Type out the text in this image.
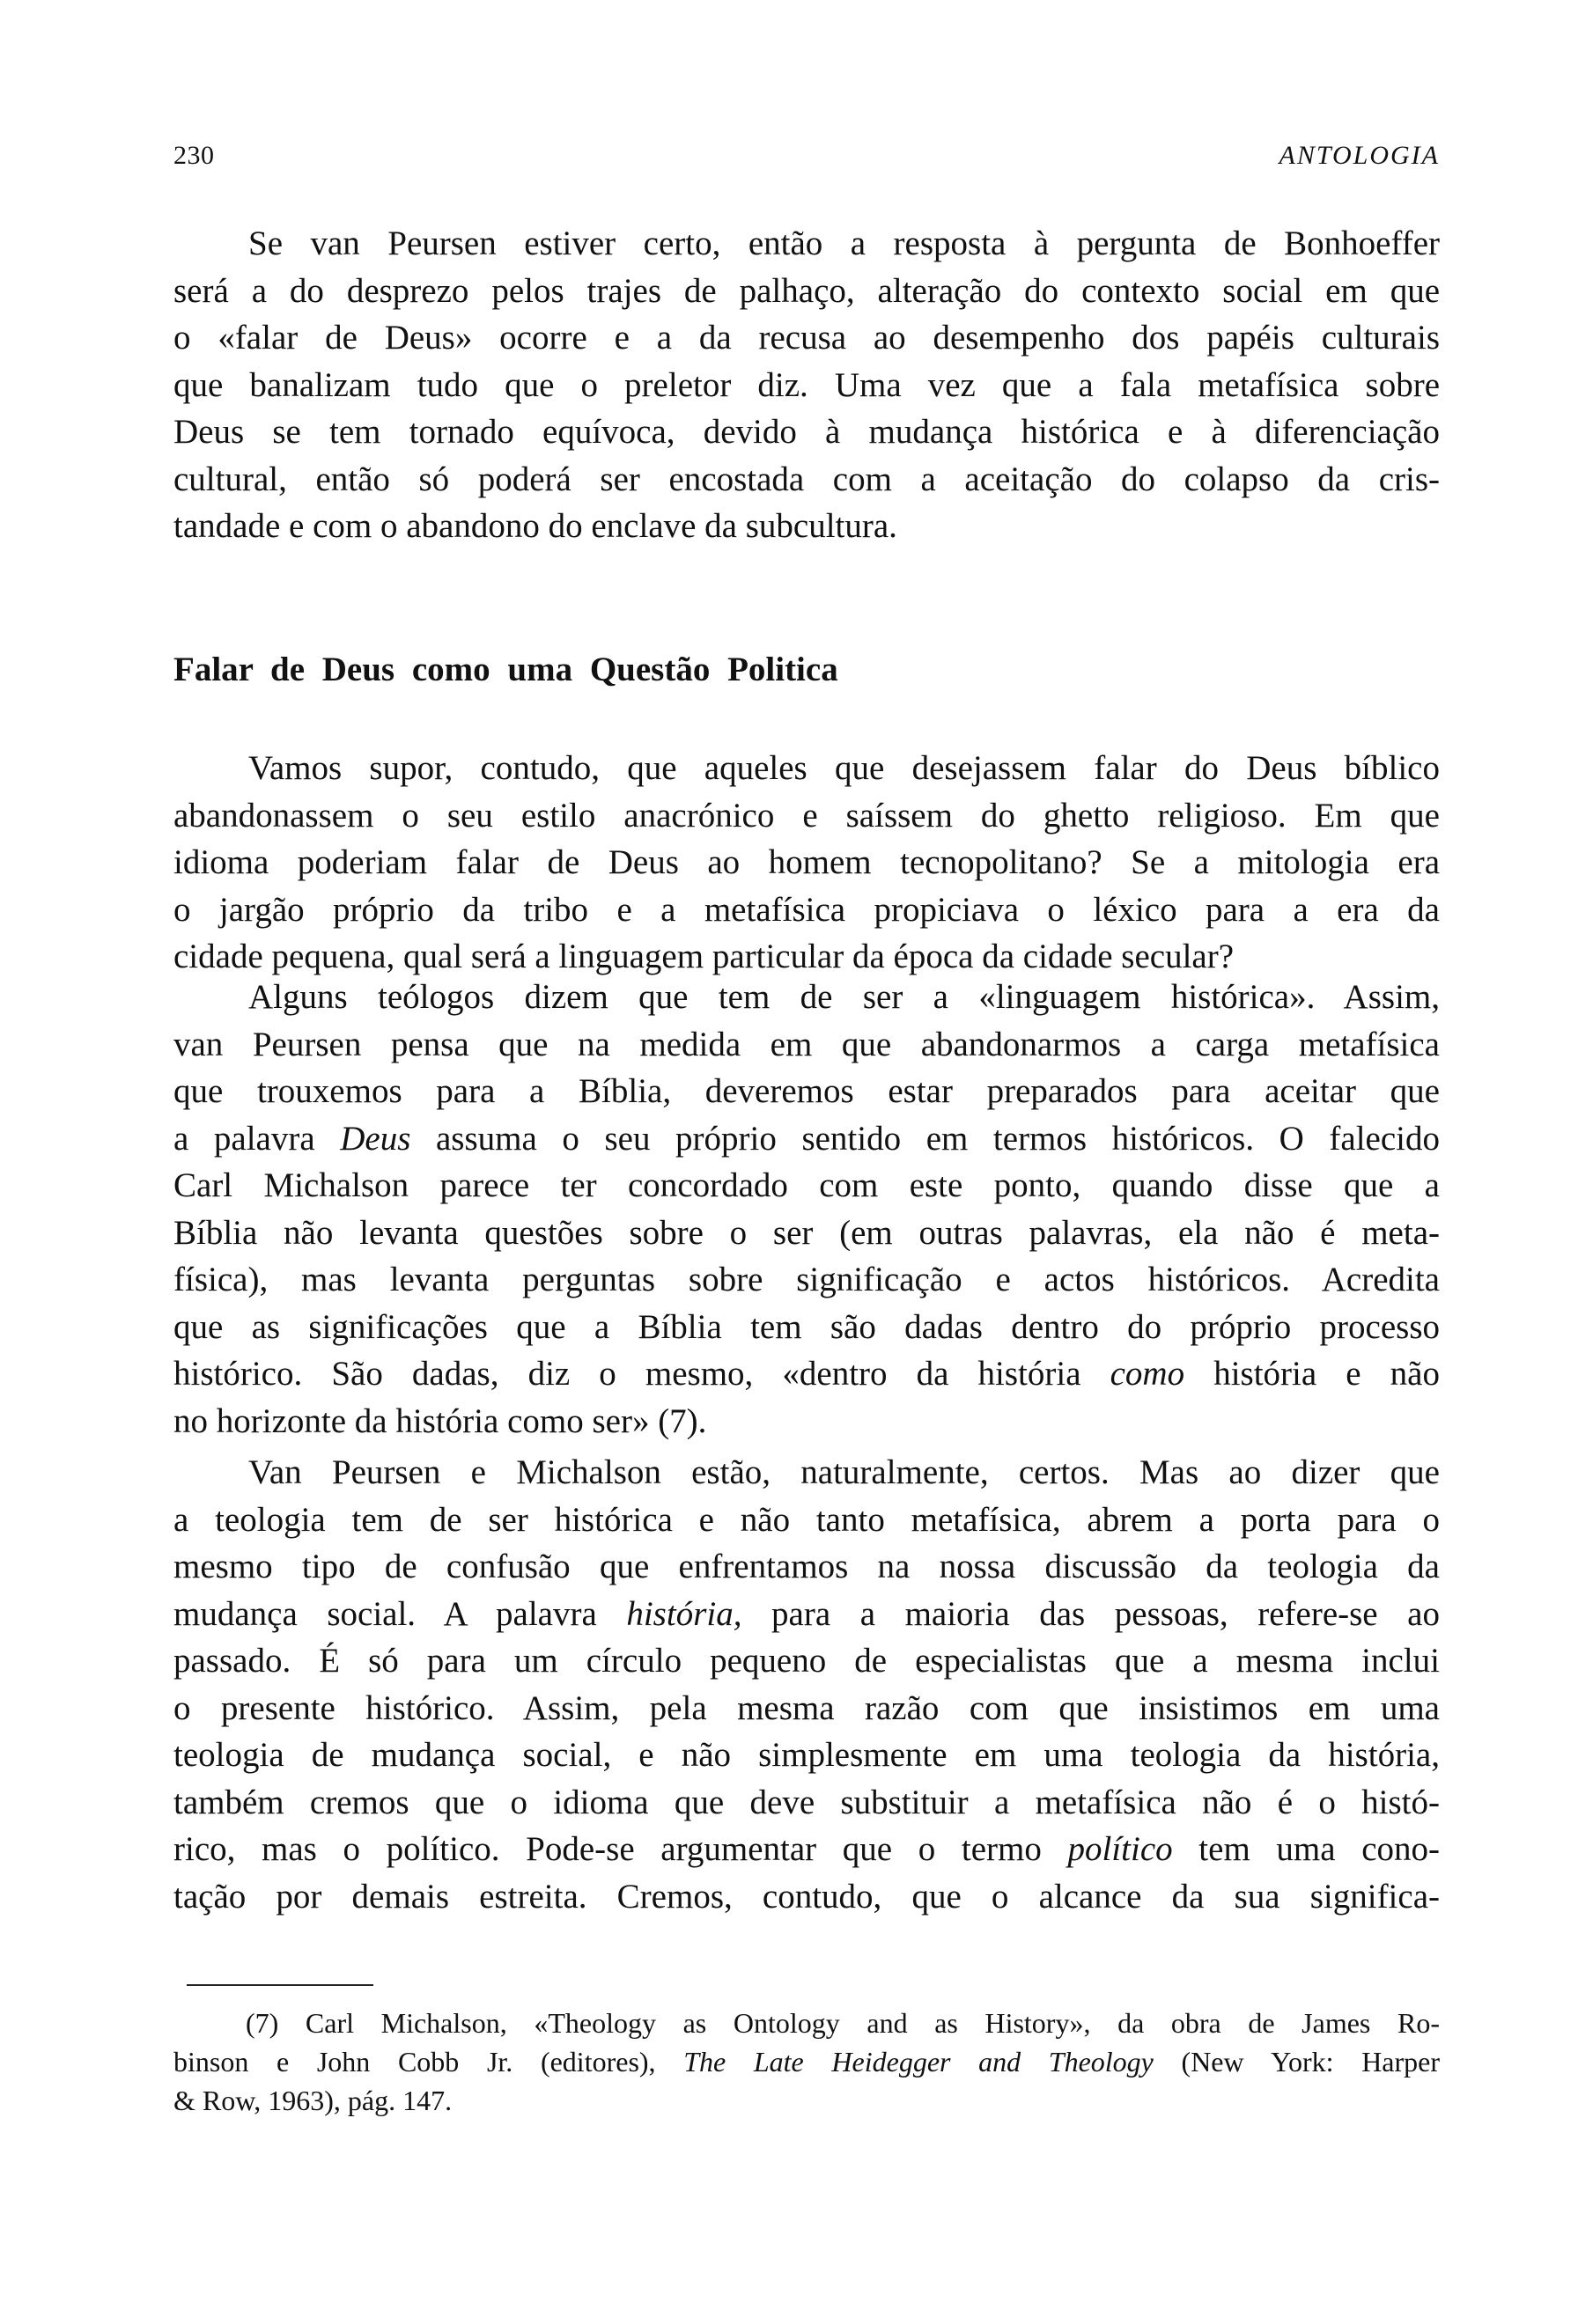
230	ANTOLOGIA
Se van Peursen estiver certo, então a resposta à pergunta de Bonhoeffer
será a do desprezo pelos trajes de palhaço, alteração do contexto social em que
o «falar de Deus» ocorre e a da recusa ao desempenho dos papéis culturais
que banalizam tudo que o preletor diz. Uma vez que a fala metafísica sobre
Deus se tem tornado equívoca, devido à mudança histórica e à diferenciação
cultural, então só poderá ser encostada com a aceitação do colapso da cris-
tandade e com o abandono do enclave da subcultura.
Falar de Deus como uma Questão Politica
Vamos supor, contudo, que aqueles que desejassem falar do Deus bíblico
abandonassem o seu estilo anacrónico e saíssem do ghetto religioso. Em que
idioma poderiam falar de Deus ao homem tecnopolitano? Se a mitologia era
o jargão próprio da tribo e a metafísica propiciava o léxico para a era da
cidade pequena, qual será a linguagem particular da época da cidade secular?
Alguns teólogos dizem que tem de ser a «linguagem histórica». Assim,
van Peursen pensa que na medida em que abandonarmos a carga metafísica
que trouxemos para a Bíblia, deveremos estar preparados para aceitar que
a palavra Deus assuma o seu próprio sentido em termos históricos. O falecido
Carl Michalson parece ter concordado com este ponto, quando disse que a
Bíblia não levanta questões sobre o ser (em outras palavras, ela não é meta-
física), mas levanta perguntas sobre significação e actos históricos. Acredita
que as significações que a Bíblia tem são dadas dentro do próprio processo
histórico. São dadas, diz o mesmo, «dentro da história como história e não
no horizonte da história como ser» (7).
Van Peursen e Michalson estão, naturalmente, certos. Mas ao dizer que
a teologia tem de ser histórica e não tanto metafísica, abrem a porta para o
mesmo tipo de confusão que enfrentamos na nossa discussão da teologia da
mudança social. A palavra história, para a maioria das pessoas, refere-se ao
passado. É só para um círculo pequeno de especialistas que a mesma inclui
o presente histórico. Assim, pela mesma razão com que insistimos em uma
teologia de mudança social, e não simplesmente em uma teologia da história,
também cremos que o idioma que deve substituir a metafísica não é o histó-
rico, mas o político. Pode-se argumentar que o termo político tem uma cono-
tação por demais estreita. Cremos, contudo, que o alcance da sua significa-
(7) Carl Michalson, «Theology as Ontology and as History», da obra de James Ro-
binson e John Cobb Jr. (editores), The Late Heidegger and Theology (New York: Harper
& Row, 1963), pág. 147.
